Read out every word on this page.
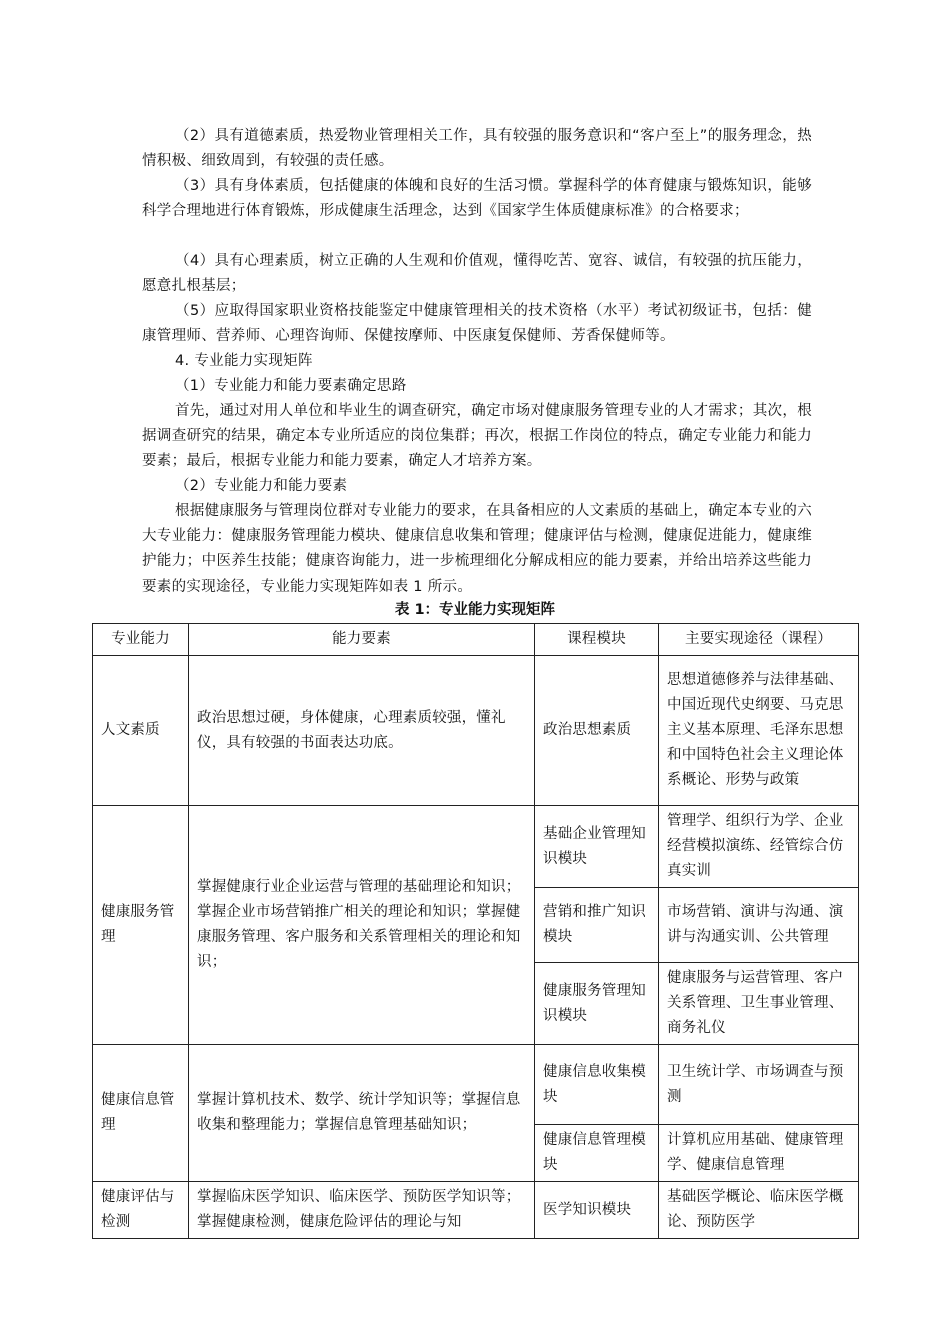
（2）具有道德素质，热爱物业管理相关工作，具有较强的服务意识和“客户至上”的服务理念，热情积极、细致周到，有较强的责任感。

（3）具有身体素质，包括健康的体魄和良好的生活习惯。掌握科学的体育健康与锻炼知识，能够科学合理地进行体育锻炼，形成健康生活理念，达到《国家学生体质健康标准》的合格要求；

（4）具有心理素质，树立正确的人生观和价值观，懂得吃苦、宽容、诚信，有较强的抗压能力，愿意扎根基层；

（5）应取得国家职业资格技能鉴定中健康管理相关的技术资格（水平）考试初级证书，包括：健康管理师、营养师、心理咨询师、保健按摩师、中医康复保健师、芳香保健师等。

4. 专业能力实现矩阵

（1）专业能力和能力要素确定思路

首先，通过对用人单位和毕业生的调查研究，确定市场对健康服务管理专业的人才需求；其次，根据调查研究的结果，确定本专业所适应的岗位集群；再次，根据工作岗位的特点，确定专业能力和能力要素；最后，根据专业能力和能力要素，确定人才培养方案。

（2）专业能力和能力要素

根据健康服务与管理岗位群对专业能力的要求，在具备相应的人文素质的基础上，确定本专业的六大专业能力：健康服务管理能力模块、健康信息收集和管理；健康评估与检测，健康促进能力，健康维护能力；中医养生技能；健康咨询能力，进一步梳理细化分解成相应的能力要素，并给出培养这些能力要素的实现途径，专业能力实现矩阵如表 1 所示。

表 1：专业能力实现矩阵
专业能力	能力要素	课程模块	主要实现途径（课程）
人文素质	政治思想过硬，身体健康，心理素质较强，懂礼仪，具有较强的书面表达功底。	政治思想素质	思想道德修养与法律基础、中国近现代史纲要、马克思主义基本原理、毛泽东思想和中国特色社会主义理论体系概论、形势与政策
健康服务管理	掌握健康行业企业运营与管理的基础理论和知识；掌握企业市场营销推广相关的理论和知识；掌握健康服务管理、客户服务和关系管理相关的理论和知识；	基础企业管理知识模块	管理学、组织行为学、企业经营模拟演练、经管综合仿真实训
		营销和推广知识模块	市场营销、演讲与沟通、演讲与沟通实训、公共管理
		健康服务管理知识模块	健康服务与运营管理、客户关系管理、卫生事业管理、商务礼仪
健康信息管理	掌握计算机技术、数学、统计学知识等；掌握信息收集和整理能力；掌握信息管理基础知识；	健康信息收集模块	卫生统计学、市场调查与预测
		健康信息管理模块	计算机应用基础、健康管理学、健康信息管理
健康评估与检测	掌握临床医学知识、临床医学、预防医学知识等；掌握健康检测，健康危险评估的理论与知	医学知识模块	基础医学概论、临床医学概论、预防医学
